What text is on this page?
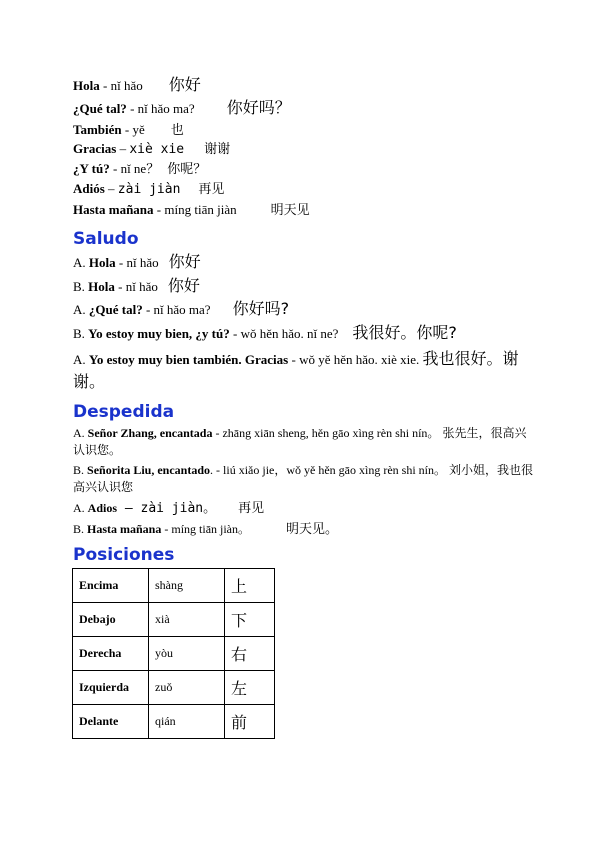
Hola - nǐ hǎo 你好
¿Qué tal? - nǐ hǎo ma? 你好吗？
También - yě 也
Gracias – xiè xie 谢谢
¿Y tú? - nǐ ne？ 你呢？
Adiós – zài jiàn 再见
Hasta mañana - míng tiān jiàn	明天见
Saludo
A. Hola - nǐ hǎo 你好
B. Hola - nǐ hǎo 你好
A. ¿Qué tal? - nǐ hǎo ma? 你好吗?
B. Yo estoy muy bien, ¿y tú? - wǒ hěn hǎo. nǐ ne? 我很好。你呢?
A. Yo estoy muy bien también. Gracias - wǒ yě hěn hǎo. xiè xie. 我也很好。谢谢。
Despedida
A. Señor Zhang, encantada - zhāng xiān sheng, hěn gāo xìng rèn shi nín。 张先生，很高兴认识您。
B. Señorita Liu, encantado. - liú xiǎo jie，wǒ yě hěn gāo xìng rèn shi nín。 刘小姐，我也很高兴认识您
A. Adios – zài jiàn。 再见
B. Hasta mañana - míng tiān jiàn。	明天见。
Posiciones
Encima	shàng	上
Debajo	xià	下
Derecha	yòu	右
Izquierda	zuǒ	左
Delante	qián	前
